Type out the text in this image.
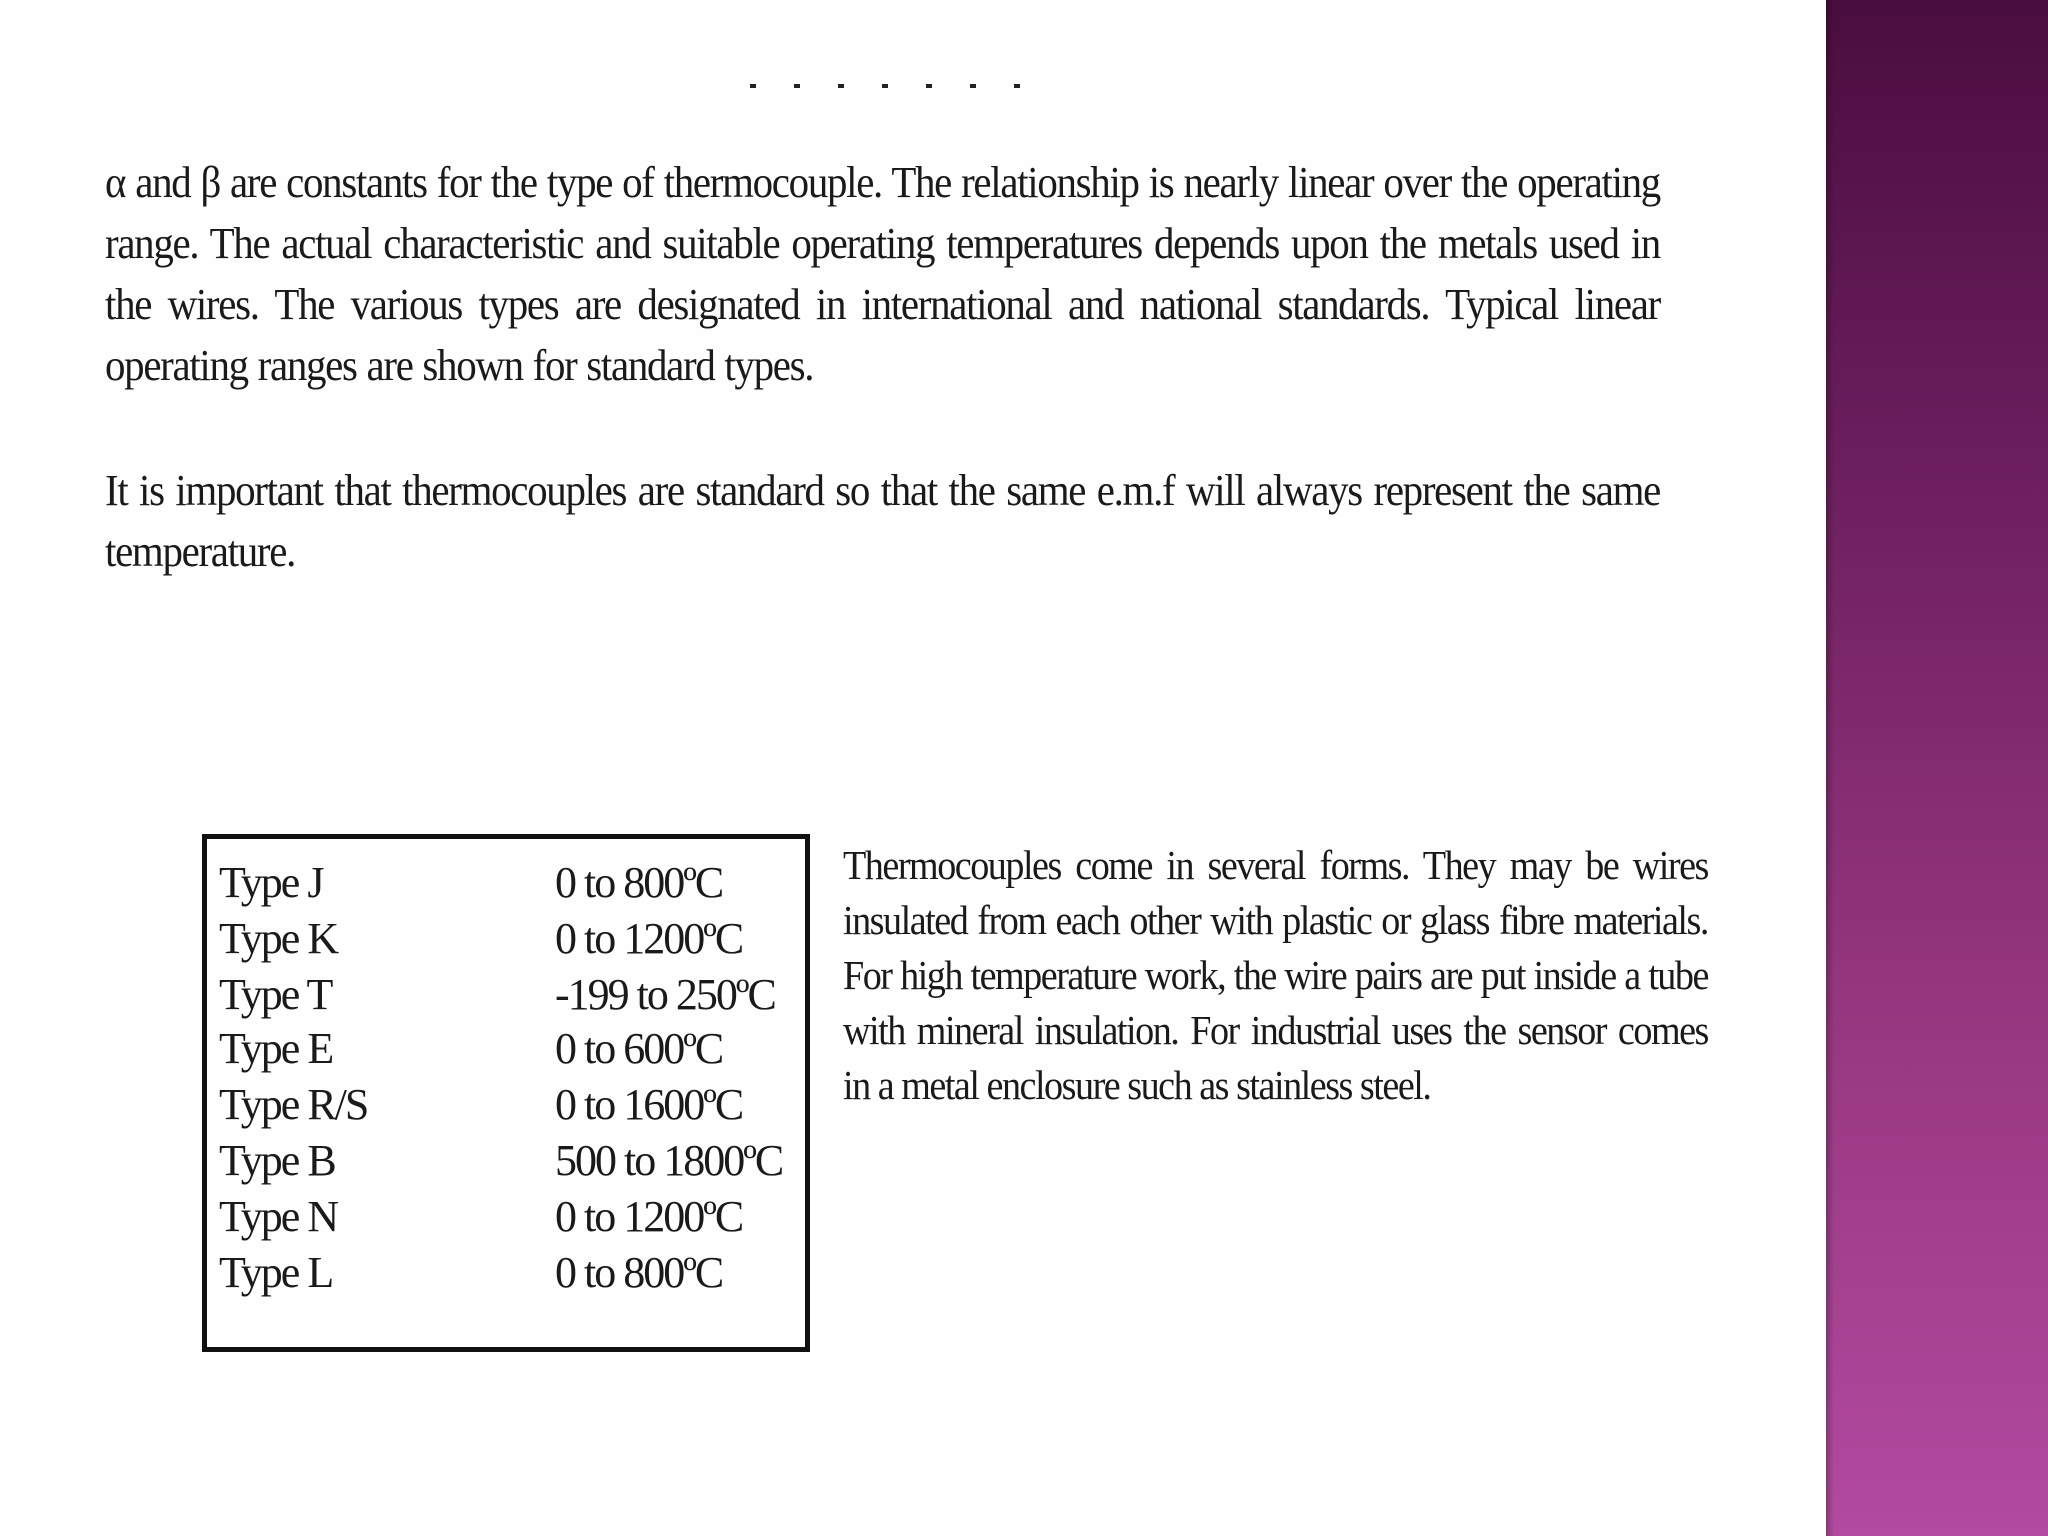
α and β are constants for the type of thermocouple. The relationship is nearly linear over the operating range. The actual characteristic and suitable operating temperatures depends upon the metals used in the wires. The various types are designated in international and national standards. Typical linear operating ranges are shown for standard types.

It is important that thermocouples are standard so that the same e.m.f will always represent the same temperature.

Type J	0 to 800ºC
Type K	0 to 1200ºC
Type T	-199 to 250ºC
Type E	0 to 600ºC
Type R/S	0 to 1600ºC
Type B	500 to 1800ºC
Type N	0 to 1200ºC
Type L	0 to 800ºC

Thermocouples come in several forms. They may be wires insulated from each other with plastic or glass fibre materials. For high temperature work, the wire pairs are put inside a tube with mineral insulation. For industrial uses the sensor comes in a metal enclosure such as stainless steel.
